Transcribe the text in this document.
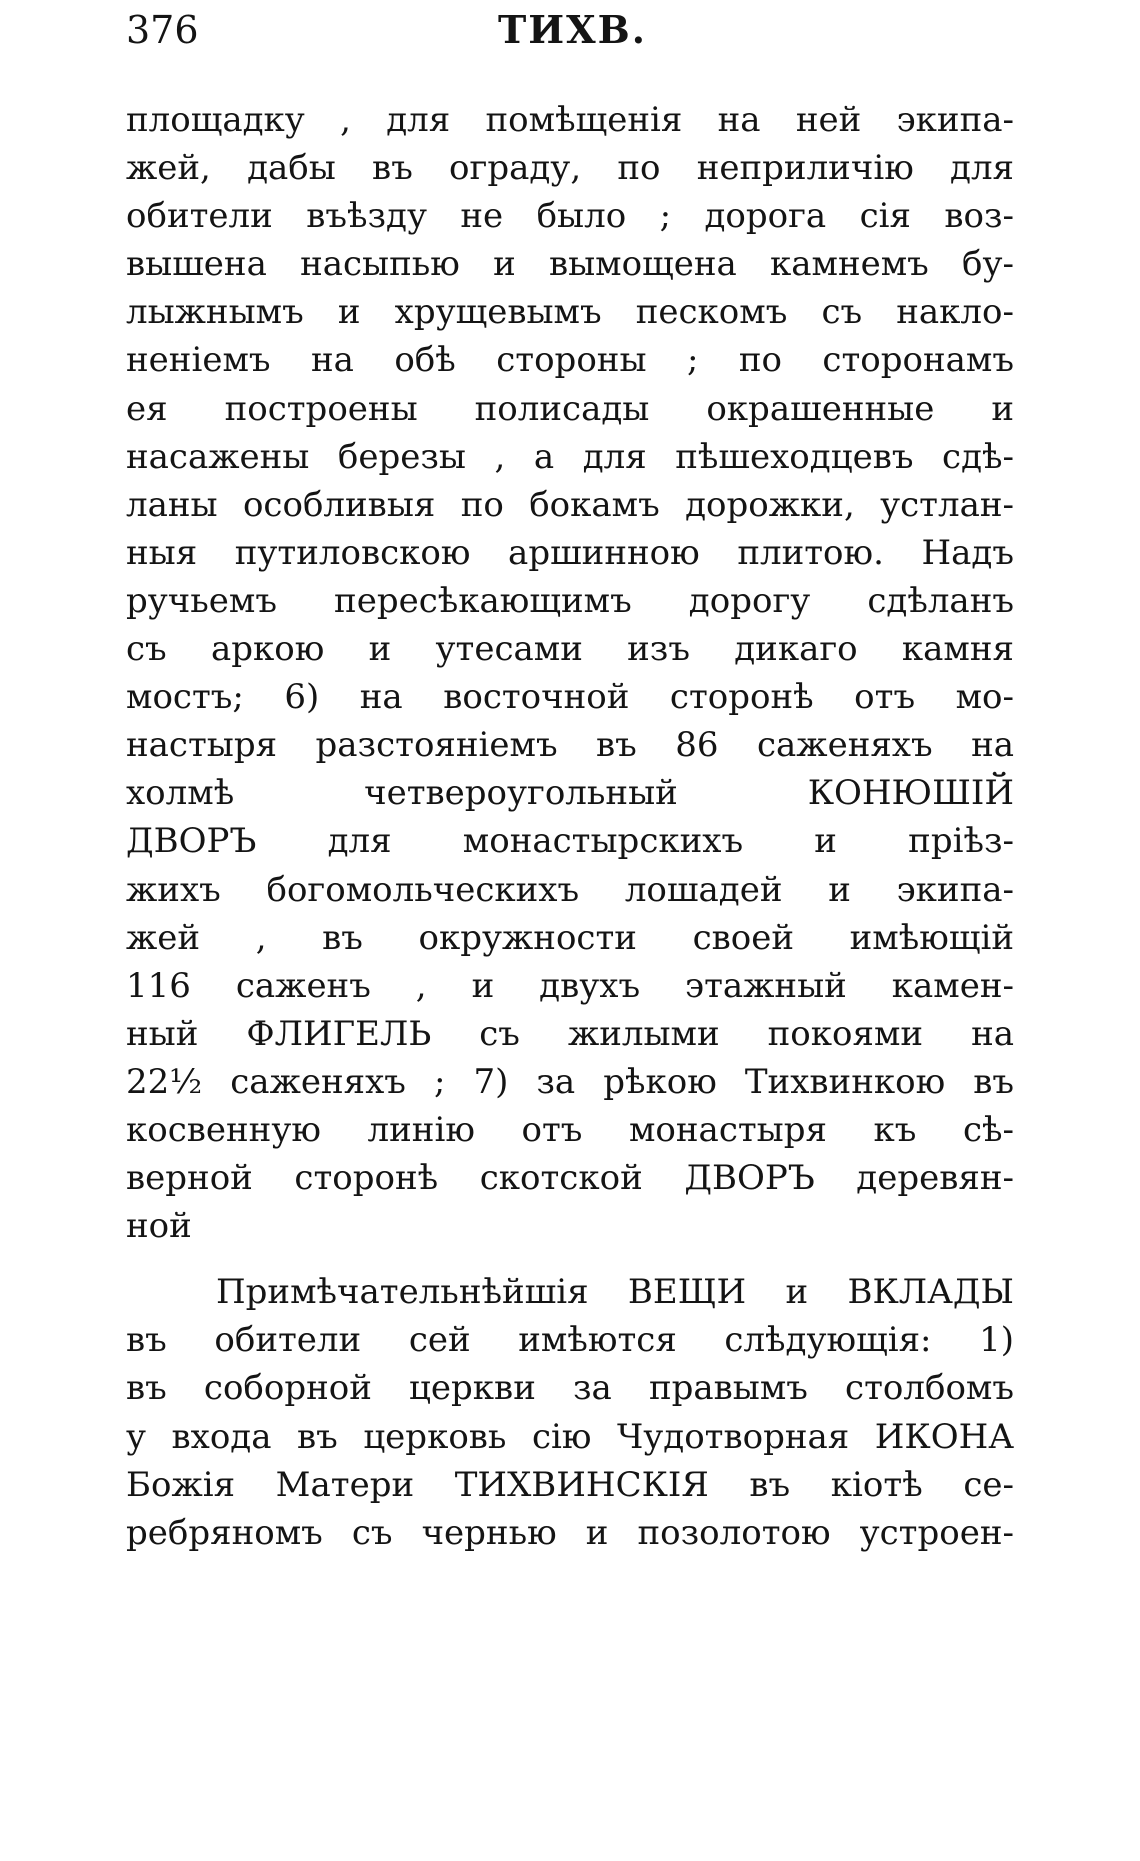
376	ТИХВ.
площадку , для помѣщенія на ней экипа-
жей, дабы въ ограду, по неприличію для
обители въѣзду не было ; дорога сія воз-
вышена насыпью и вымощена камнемъ бу-
лыжнымъ и хрущевымъ пескомъ съ накло-
неніемъ на обѣ стороны ; по сторонамъ
ея построены полисады окрашенные и
насажены березы , а для пѣшеходцевъ сдѣ-
ланы особливыя по бокамъ дорожки, устлан-
ныя путиловскою аршинною плитою. Надъ
ручьемъ пересѣкающимъ дорогу сдѣланъ
съ аркою и утесами изъ дикаго камня
мостъ; 6) на восточной сторонѣ отъ мо-
настыря разстояніемъ въ 86 саженяхъ на
холмѣ четвероугольный КОНЮШІЙ
ДВОРЪ для монастырскихъ и пріѣз-
жихъ богомольческихъ лошадей и экипа-
жей , въ окружности своей имѣющій
116 саженъ , и двухъ этажный камен-
ный ФЛИГЕЛЬ съ жилыми покоями на
22½ саженяхъ ; 7) за рѣкою Тихвинкою въ
косвенную линію отъ монастыря къ сѣ-
верной сторонѣ скотской ДВОРЪ деревян-
ной
Примѣчательнѣйшія ВЕЩИ и ВКЛАДЫ
въ обители сей имѣются слѣдующія: 1)
въ соборной церкви за правымъ столбомъ
у входа въ церковь сію Чудотворная ИКОНА
Божія Матери ТИХВИНСКІЯ въ кіотѣ се-
ребряномъ съ чернью и позолотою устроен-
